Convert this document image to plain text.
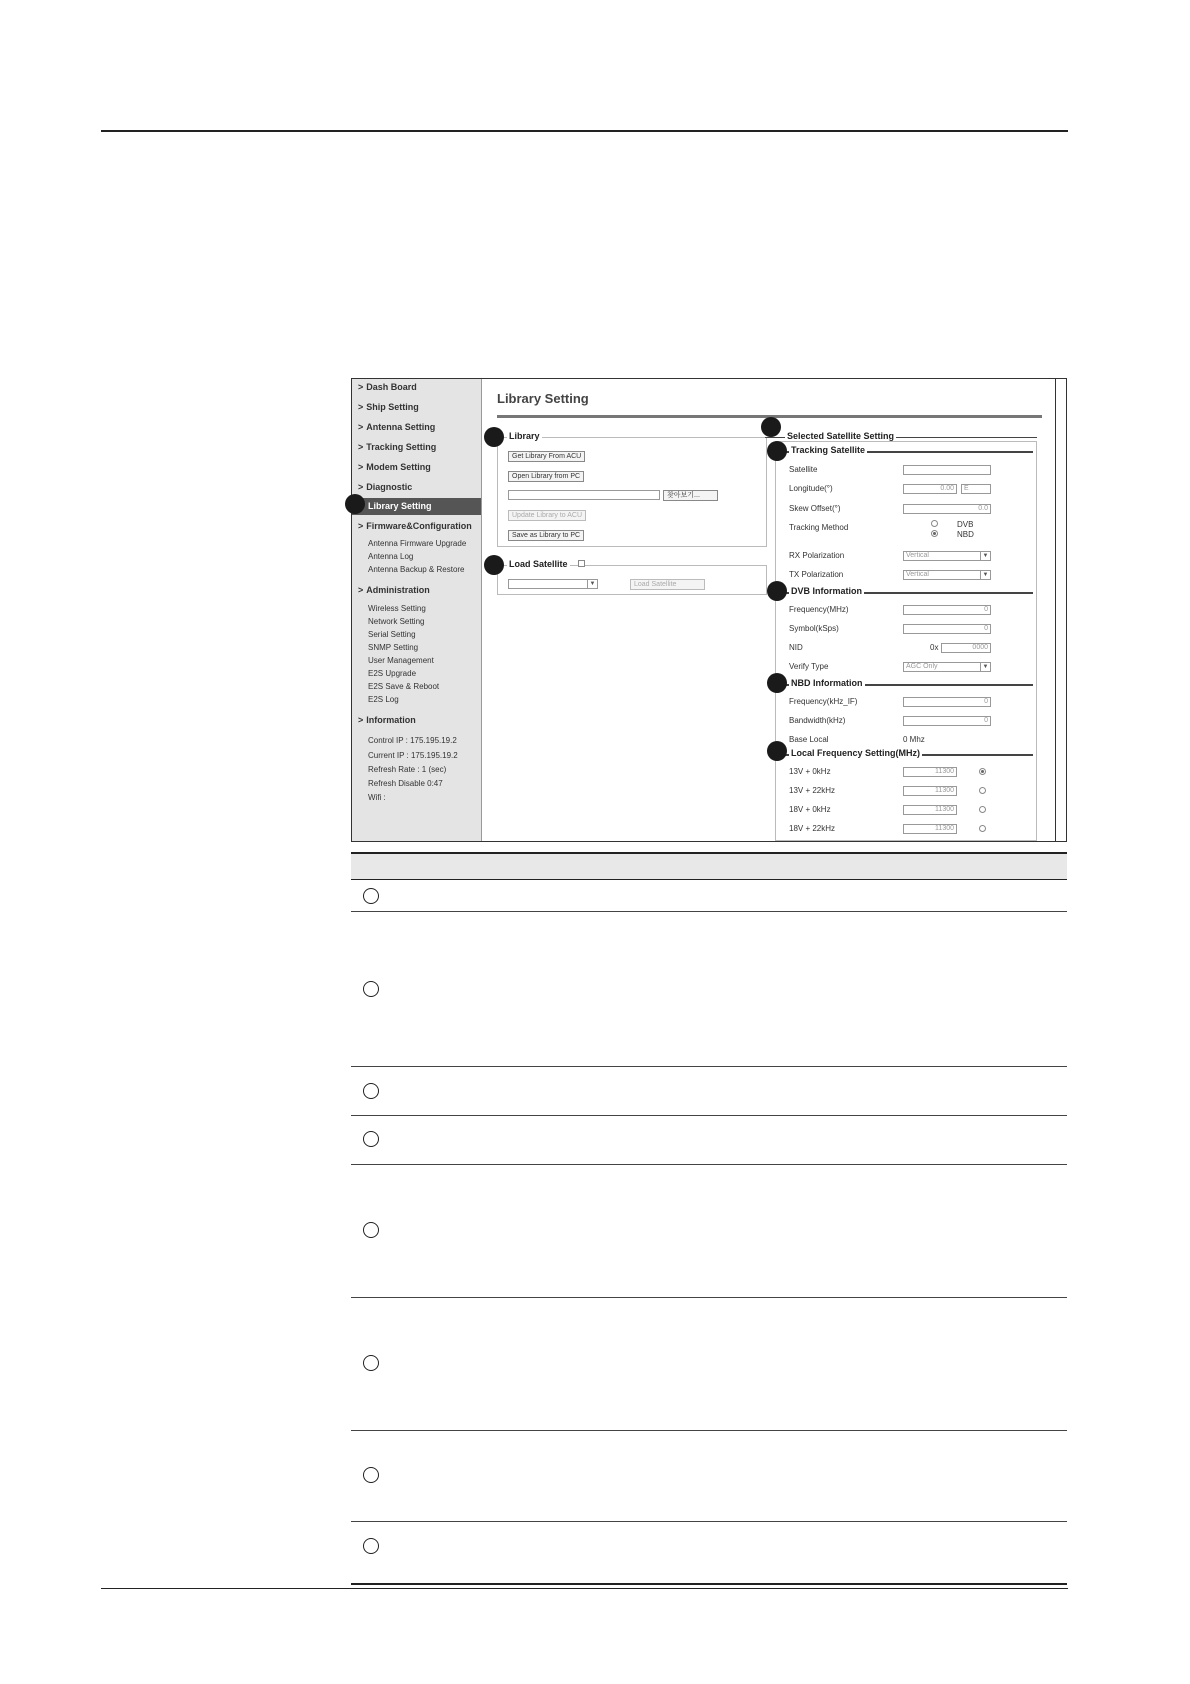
> Dash Board
> Ship Setting
> Antenna Setting
> Tracking Setting
> Modem Setting
> Diagnostic
Library Setting
> Firmware&Configuration
Antenna Firmware Upgrade
Antenna Log
Antenna Backup & Restore
> Administration
Wireless Setting
Network Setting
Serial Setting
SNMP Setting
User Management
E2S Upgrade
E2S Save & Reboot
E2S Log
> Information
Control IP : 175.195.19.2
Current IP : 175.195.19.2
Refresh Rate : 1 (sec)
Refresh Disable 0:47
Wifi :
Library Setting
Library
Get Library From ACU
Open Library from PC
찾아보기...
Update Library to ACU
Save as Library to PC
Load Satellite
▼	Load Satellite
Selected Satellite Setting
Tracking Satellite
Satellite
Longitude(°)	0.00	E
Skew Offset(°)	0.0
Tracking Method	DVB
NBD
RX Polarization	Vertical	▼
TX Polarization	Vertical	▼
DVB Information
Frequency(MHz)	0
Symbol(kSps)	0
NID	0x	0000
Verify Type	AGC Only	▼
NBD Information
Frequency(kHz_IF)	0
Bandwidth(kHz)	0
Base Local	0 Mhz
Local Frequency Setting(MHz)
13V + 0kHz	11300
13V + 22kHz	11300
18V + 0kHz	11300
18V + 22kHz	11300
